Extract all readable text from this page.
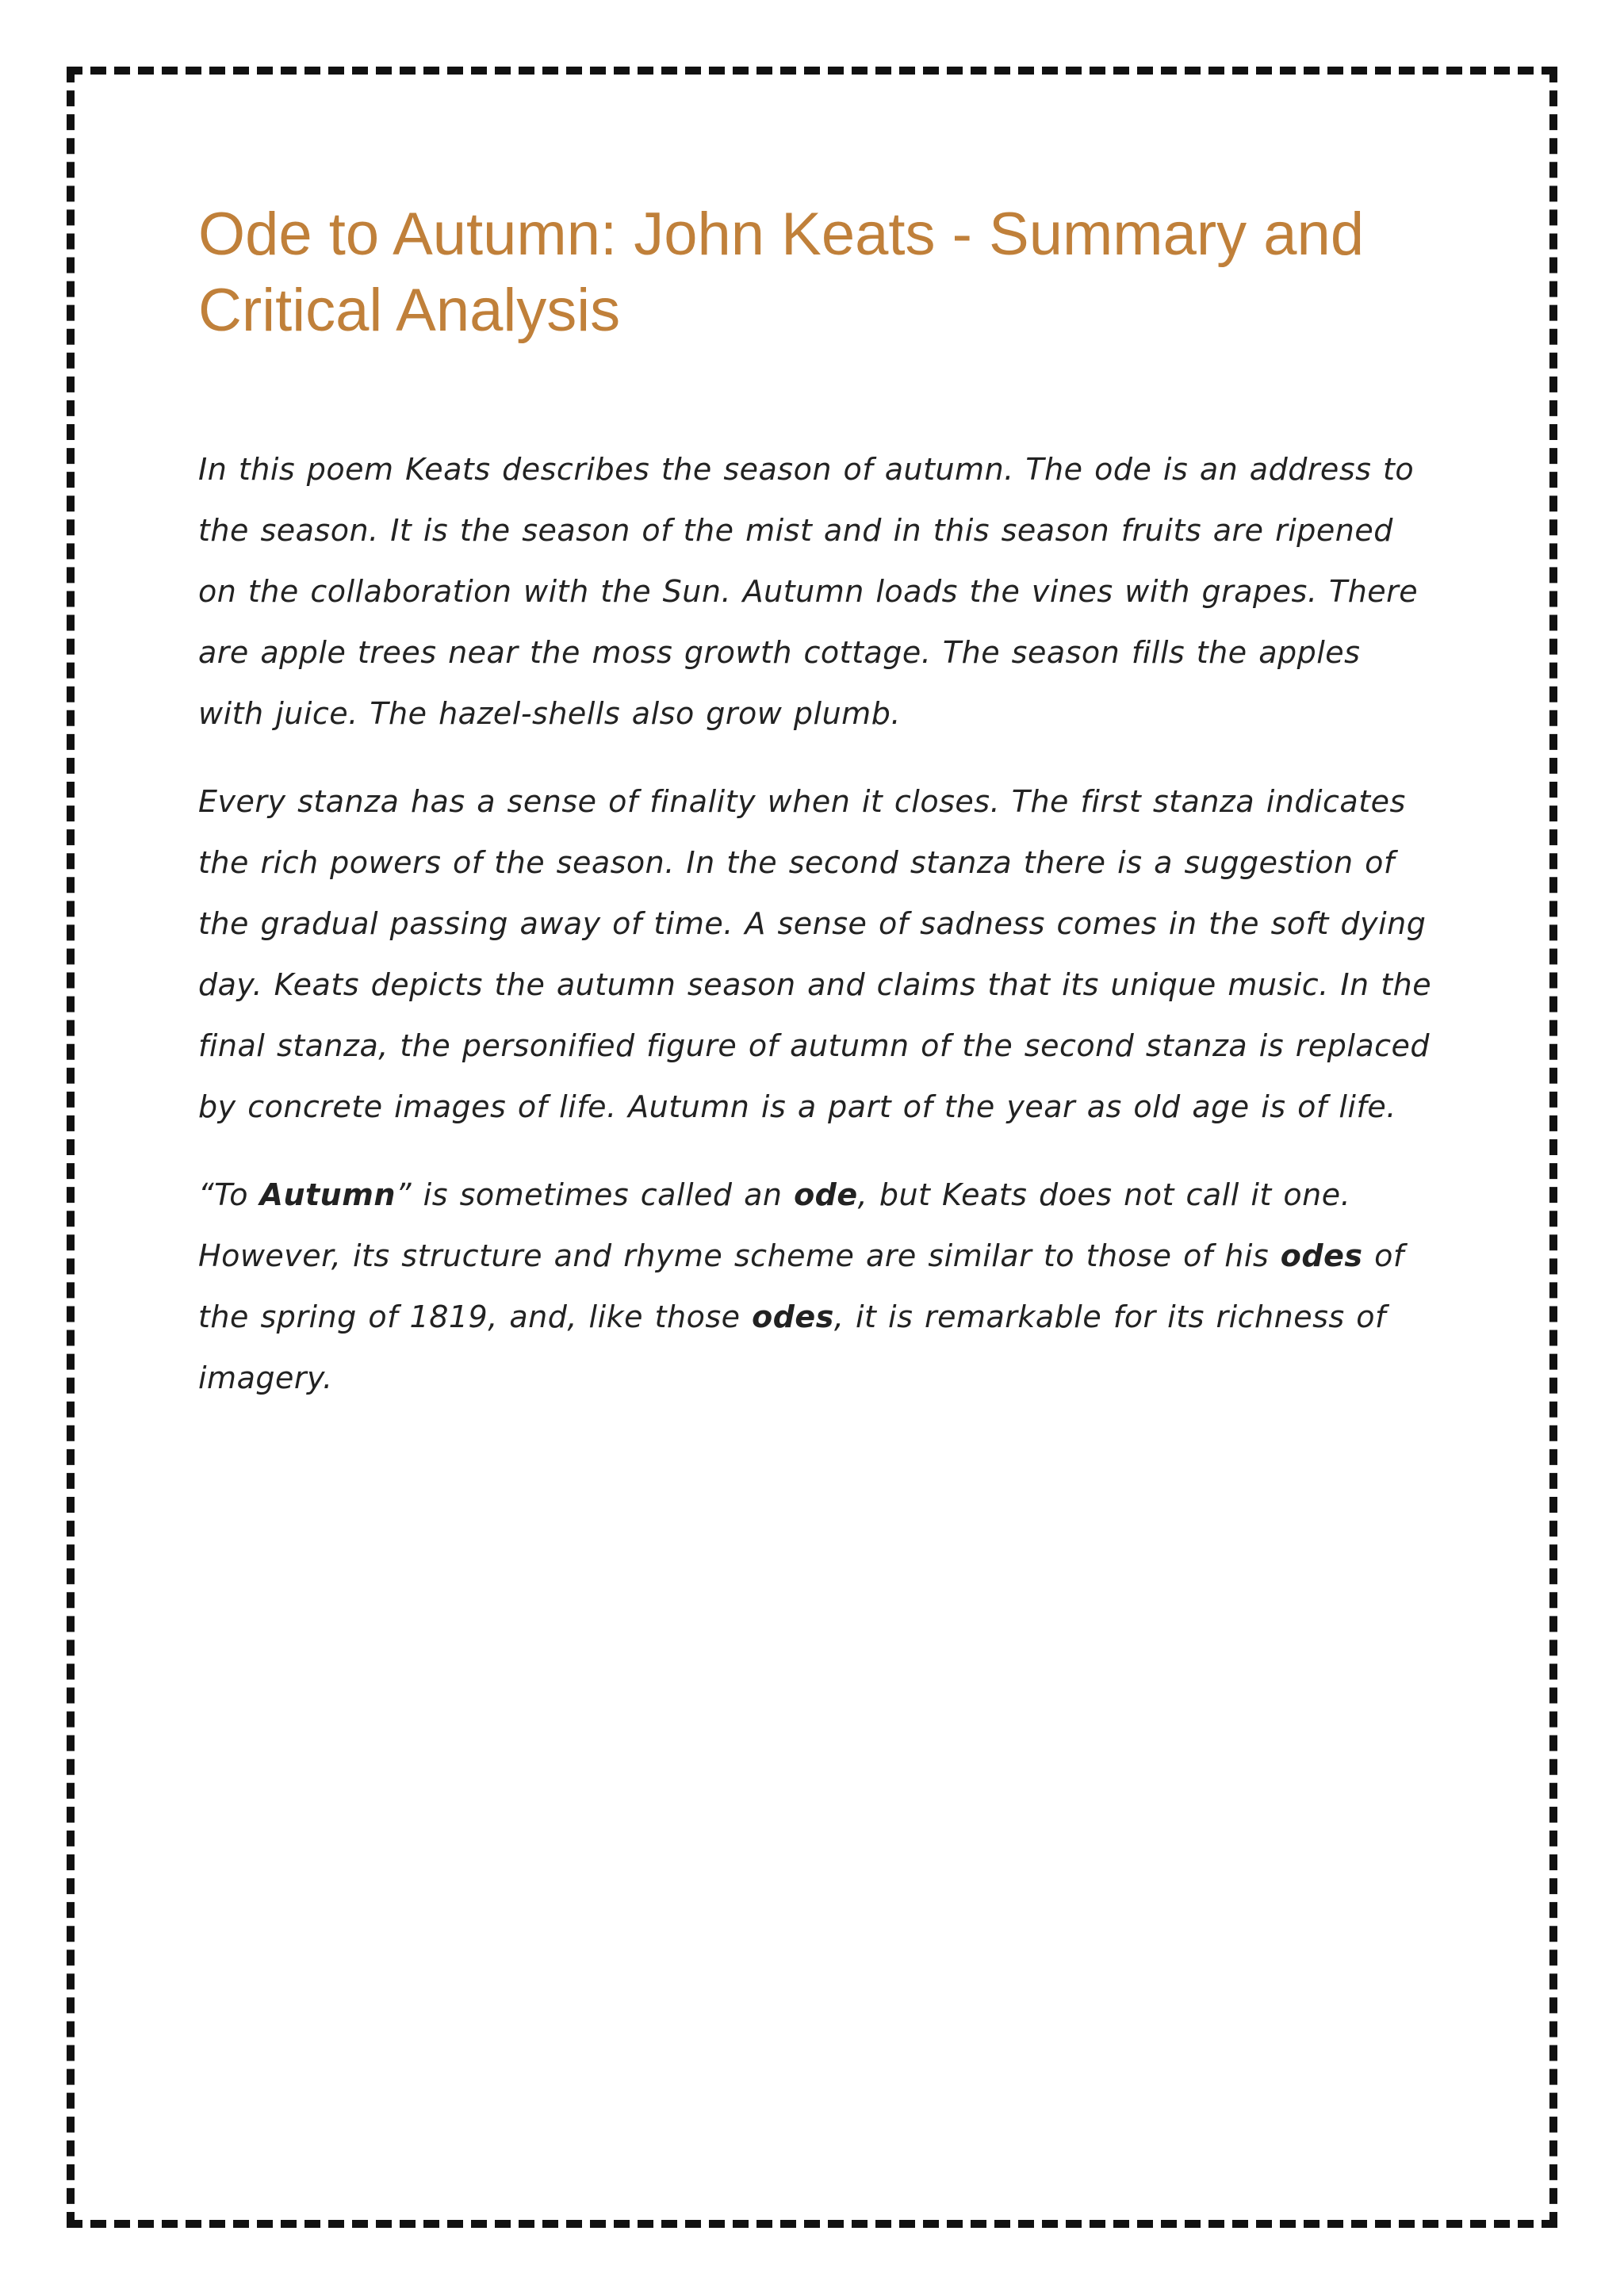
Ode to Autumn: John Keats - Summary and Critical Analysis

In this poem Keats describes the season of autumn. The ode is an address to the season. It is the season of the mist and in this season fruits are ripened on the collaboration with the Sun. Autumn loads the vines with grapes. There are apple trees near the moss growth cottage. The season fills the apples with juice. The hazel-shells also grow plumb.

Every stanza has a sense of finality when it closes. The first stanza indicates the rich powers of the season. In the second stanza there is a suggestion of the gradual passing away of time. A sense of sadness comes in the soft dying day. Keats depicts the autumn season and claims that its unique music. In the final stanza, the personified figure of autumn of the second stanza is replaced by concrete images of life. Autumn is a part of the year as old age is of life.

“To Autumn” is sometimes called an ode, but Keats does not call it one. However, its structure and rhyme scheme are similar to those of his odes of the spring of 1819, and, like those odes, it is remarkable for its richness of imagery.
